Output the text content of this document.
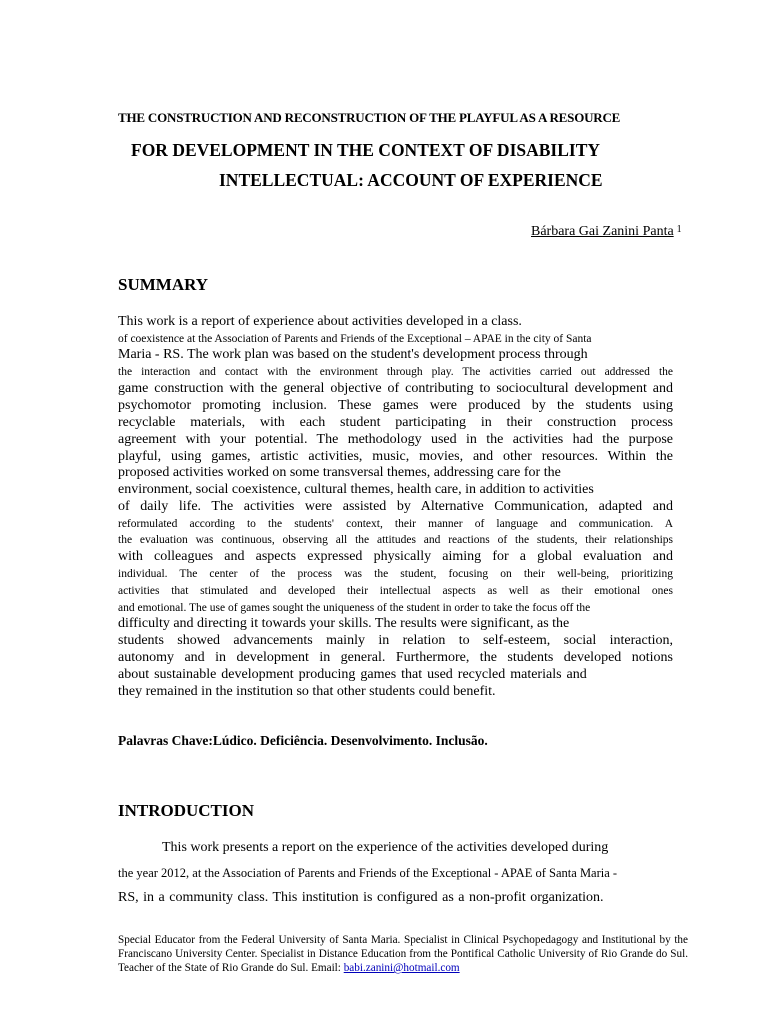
THE CONSTRUCTION AND RECONSTRUCTION OF THE PLAYFUL AS A RESOURCE
FOR DEVELOPMENT IN THE CONTEXT OF DISABILITY
INTELLECTUAL: ACCOUNT OF EXPERIENCE
Bárbara Gai Zanini Panta $^1$
SUMMARY
This work is a report of experience about activities developed in a class.
of coexistence at the Association of Parents and Friends of the Exceptional – APAE in the city of Santa
Maria - RS. The work plan was based on the student's development process through
the interaction and contact with the environment through play. The activities carried out addressed the
game construction with the general objective of contributing to sociocultural development and
psychomotor promoting inclusion. These games were produced by the students using
recyclable materials, with each student participating in their construction process
agreement with your potential. The methodology used in the activities had the purpose
playful, using games, artistic activities, music, movies, and other resources. Within the
proposed activities worked on some transversal themes, addressing care for the
environment, social coexistence, cultural themes, health care, in addition to activities
of daily life. The activities were assisted by Alternative Communication, adapted and
reformulated according to the students' context, their manner of language and communication. A
the evaluation was continuous, observing all the attitudes and reactions of the students, their relationships
with colleagues and aspects expressed physically aiming for a global evaluation and
individual. The center of the process was the student, focusing on their well-being, prioritizing
activities that stimulated and developed their intellectual aspects as well as their emotional ones
and emotional. The use of games sought the uniqueness of the student in order to take the focus off the
difficulty and directing it towards your skills. The results were significant, as the
students showed advancements mainly in relation to self-esteem, social interaction,
autonomy and in development in general. Furthermore, the students developed notions
about sustainable development producing games that used recycled materials and
they remained in the institution so that other students could benefit.
Palavras Chave:Lúdico. Deficiência. Desenvolvimento. Inclusão.
INTRODUCTION
This work presents a report on the experience of the activities developed during
the year 2012, at the Association of Parents and Friends of the Exceptional - APAE of Santa Maria -
RS, in a community class. This institution is configured as a non-profit organization.
Special Educator from the Federal University of Santa Maria. Specialist in Clinical Psychopedagogy and Institutional by the Franciscano University Center. Specialist in Distance Education from the Pontifical Catholic University of Rio Grande do Sul. Teacher of the State of Rio Grande do Sul. Email: babi.zanini@hotmail.com
